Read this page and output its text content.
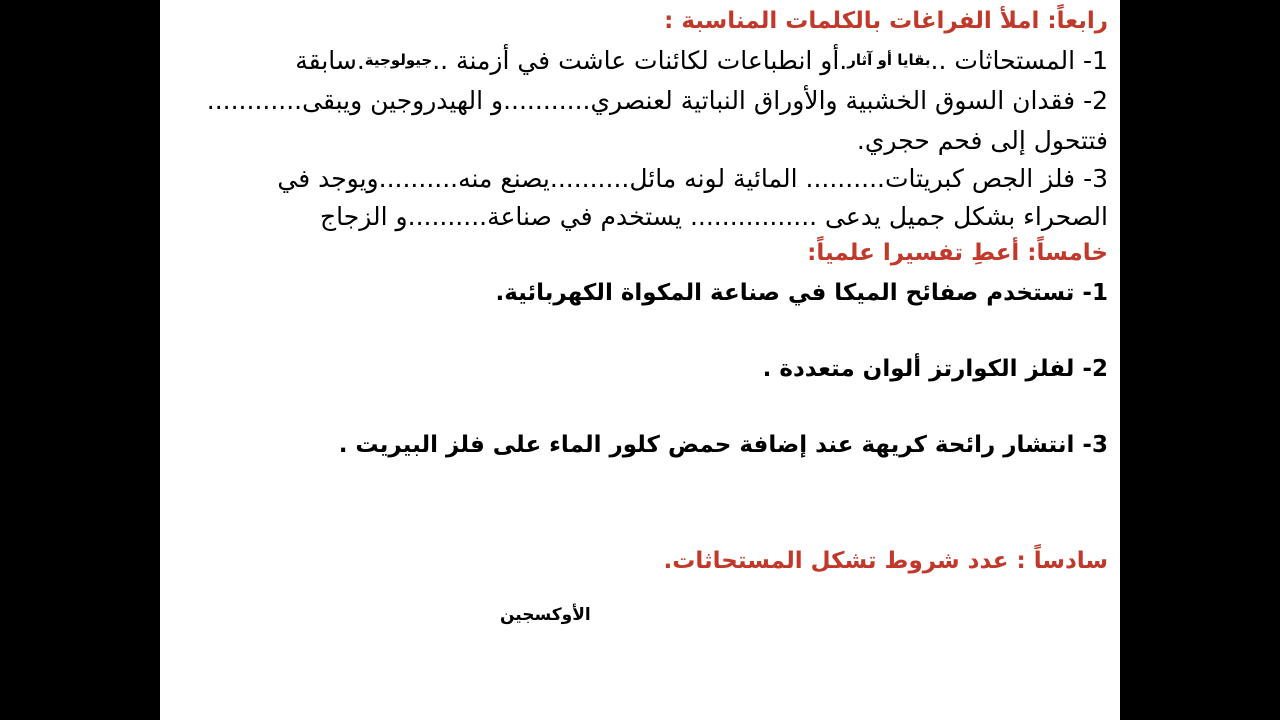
رابعاً: املأ الفراغات بالكلمات المناسبة :
1- المستحاثات ..بقايا أو آثار.أو انطباعات لكائنات عاشت في أزمنة ..جيولوجية.سابقة
2- فقدان السوق الخشبية والأوراق النباتية لعنصري...........و الهيدروجين ويبقى............
فتتحول إلى فحم حجري.
3- فلز الجص كبريتات.......... المائية لونه مائل..........يصنع منه..........ويوجد في
الصحراء بشكل جميل يدعى ................ يستخدم في صناعة..........و الزجاج
خامساً: أعطِ تفسيرا علمياً:
1- تستخدم صفائح الميكا في صناعة المكواة الكهربائية.
2- لفلز الكوارتز ألوان متعددة .
3- انتشار رائحة كريهة عند إضافة حمض كلور الماء على فلز البيريت .
سادساً : عدد شروط تشكل المستحاثات.
الأوكسجين
